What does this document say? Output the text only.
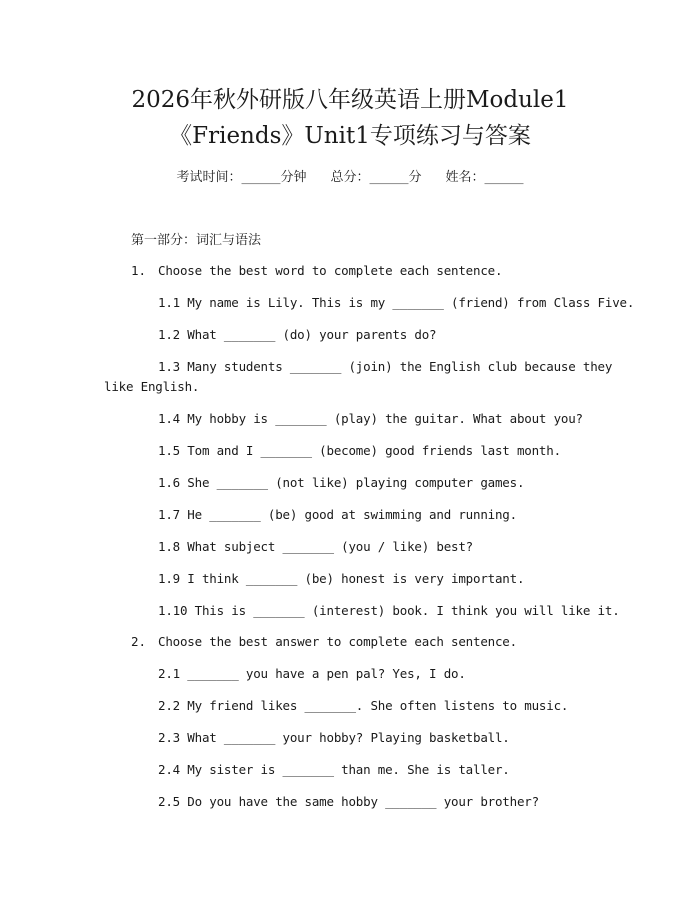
2026年秋外研版八年级英语上册Module1
《Friends》Unit1专项练习与答案
考试时间：______分钟 总分：______分 姓名：______
第一部分：词汇与语法
1. Choose the best word to complete each sentence.
1.1 My name is Lily. This is my _______ (friend) from Class Five.
1.2 What _______ (do) your parents do?
1.3 Many students _______ (join) the English club because they
like English.
1.4 My hobby is _______ (play) the guitar. What about you?
1.5 Tom and I _______ (become) good friends last month.
1.6 She _______ (not like) playing computer games.
1.7 He _______ (be) good at swimming and running.
1.8 What subject _______ (you / like) best?
1.9 I think _______ (be) honest is very important.
1.10 This is _______ (interest) book. I think you will like it.
2. Choose the best answer to complete each sentence.
2.1 _______ you have a pen pal? Yes, I do.
2.2 My friend likes _______. She often listens to music.
2.3 What _______ your hobby? Playing basketball.
2.4 My sister is _______ than me. She is taller.
2.5 Do you have the same hobby _______ your brother?
